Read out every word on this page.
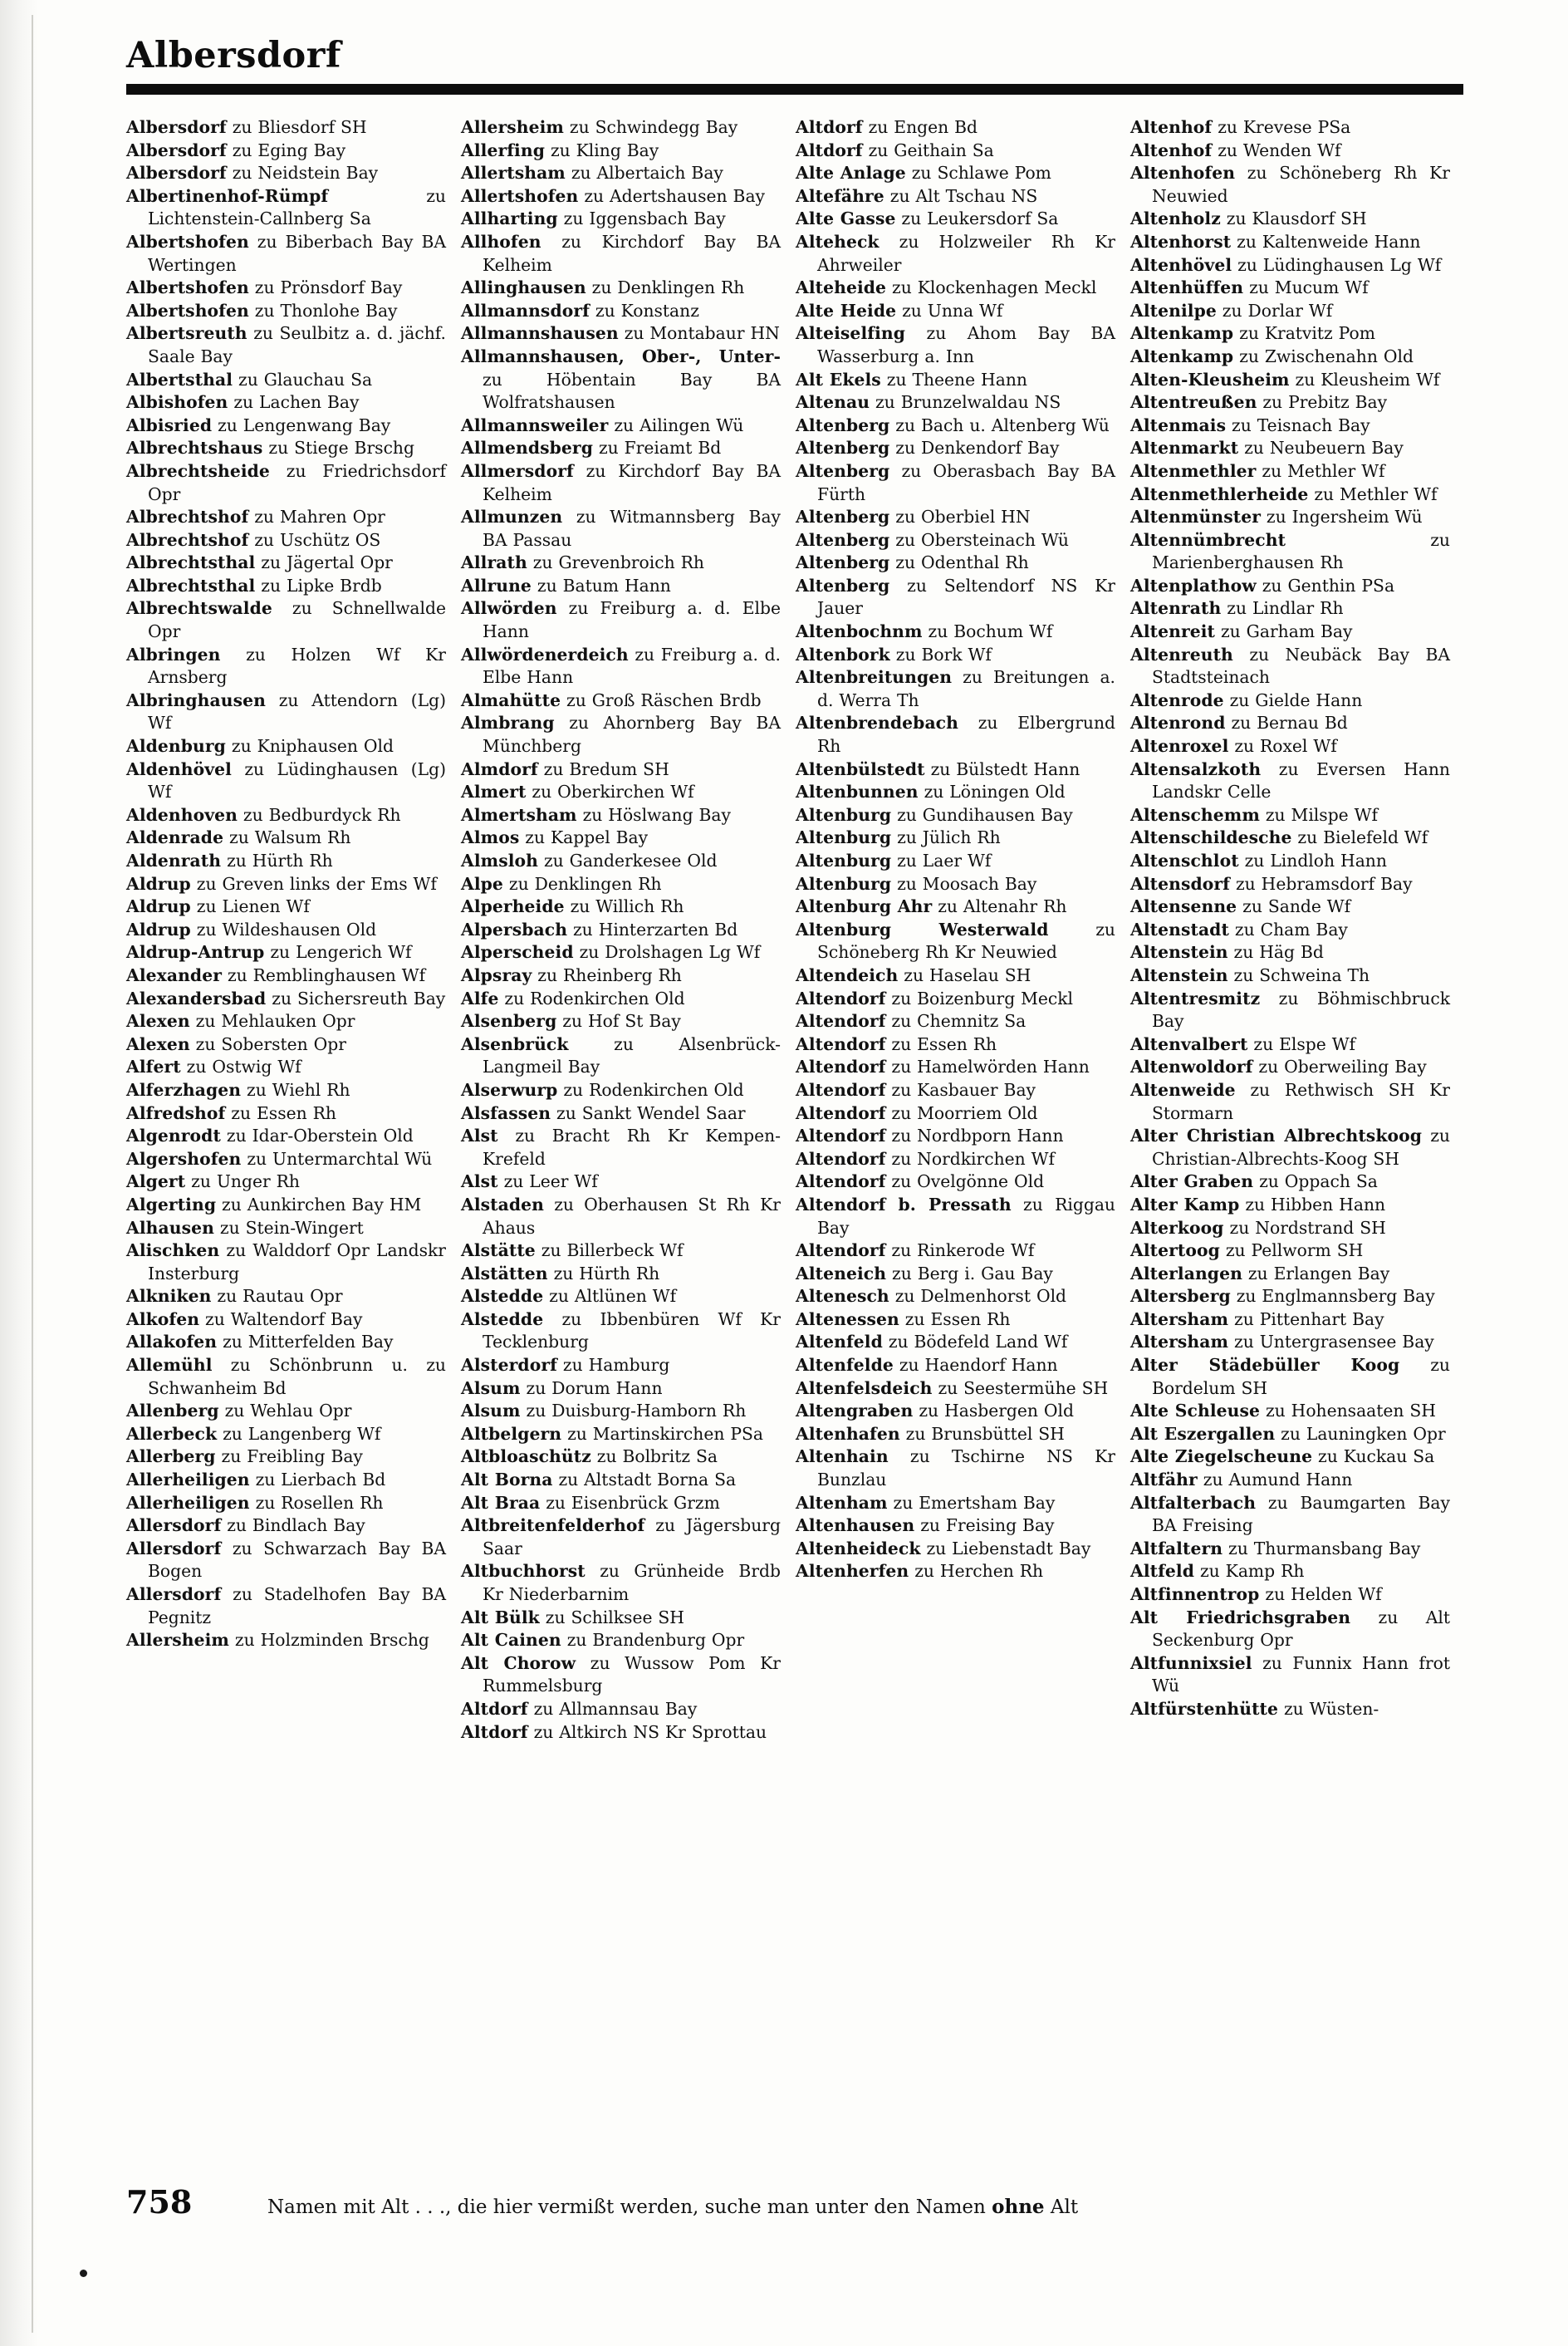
Albersdorf

Albersdorf zu Bliesdorf SH

Albersdorf zu Eging Bay

Albersdorf zu Neidstein Bay

Albertinenhof-Rümpf zu Lichtenstein-Callnberg Sa

Albertshofen zu Biberbach Bay BA Wertingen

Albertshofen zu Prönsdorf Bay

Albertshofen zu Thonlohe Bay

Albertsreuth zu Seulbitz a. d. jächf. Saale Bay

Albertsthal zu Glauchau Sa

Albishofen zu Lachen Bay

Albisried zu Lengenwang Bay

Albrechtshaus zu Stiege Brschg

Albrechtsheide zu Friedrichsdorf Opr

Albrechtshof zu Mahren Opr

Albrechtshof zu Uschütz OS

Albrechtsthal zu Jägertal Opr

Albrechtsthal zu Lipke Brdb

Albrechtswalde zu Schnellwalde Opr

Albringen zu Holzen Wf Kr Arnsberg

Albringhausen zu Attendorn (Lg) Wf

Aldenburg zu Kniphausen Old

Aldenhövel zu Lüdinghausen (Lg) Wf

Aldenhoven zu Bedburdyck Rh

Aldenrade zu Walsum Rh

Aldenrath zu Hürth Rh

Aldrup zu Greven links der Ems Wf

Aldrup zu Lienen Wf

Aldrup zu Wildeshausen Old

Aldrup-Antrup zu Lengerich Wf

Alexander zu Remblinghausen Wf

Alexandersbad zu Sichersreuth Bay

Alexen zu Mehlauken Opr

Alexen zu Sobersten Opr

Alfert zu Ostwig Wf

Alferzhagen zu Wiehl Rh

Alfredshof zu Essen Rh

Algenrodt zu Idar-Oberstein Old

Algershofen zu Untermarchtal Wü

Algert zu Unger Rh

Algerting zu Aunkirchen Bay HM

Alhausen zu Stein-Wingert

Alischken zu Walddorf Opr Landskr Insterburg

Alkniken zu Rautau Opr

Alkofen zu Waltendorf Bay

Allakofen zu Mitterfelden Bay

Allemühl zu Schönbrunn u. zu Schwanheim Bd

Allenberg zu Wehlau Opr

Allerbeck zu Langenberg Wf

Allerberg zu Freibling Bay

Allerheiligen zu Lierbach Bd

Allerheiligen zu Rosellen Rh

Allersdorf zu Bindlach Bay

Allersdorf zu Schwarzach Bay BA Bogen

Allersdorf zu Stadelhofen Bay BA Pegnitz

Allersheim zu Holzminden Brschg

Allersheim zu Schwindegg Bay

Allerfing zu Kling Bay

Allertsham zu Albertaich Bay

Allertshofen zu Adertshausen Bay

Allharting zu Iggensbach Bay

Allhofen zu Kirchdorf Bay BA Kelheim

Allinghausen zu Denklingen Rh

Allmannsdorf zu Konstanz

Allmannshausen zu Montabaur HN

Allmannshausen, Ober-, Unter- zu Höbentain Bay BA Wolfratshausen

Allmannsweiler zu Ailingen Wü

Allmendsberg zu Freiamt Bd

Allmersdorf zu Kirchdorf Bay BA Kelheim

Allmunzen zu Witmannsberg Bay BA Passau

Allrath zu Grevenbroich Rh

Allrune zu Batum Hann

Allwörden zu Freiburg a. d. Elbe Hann

Allwördenerdeich zu Freiburg a. d. Elbe Hann

Almahütte zu Groß Räschen Brdb

Almbrang zu Ahornberg Bay BA Münchberg

Almdorf zu Bredum SH

Almert zu Oberkirchen Wf

Almertsham zu Höslwang Bay

Almos zu Kappel Bay

Almsloh zu Ganderkesee Old

Alpe zu Denklingen Rh

Alperheide zu Willich Rh

Alpersbach zu Hinterzarten Bd

Alperscheid zu Drolshagen Lg Wf

Alpsray zu Rheinberg Rh

Alfe zu Rodenkirchen Old

Alsenberg zu Hof St Bay

Alsenbrück zu Alsenbrück-Langmeil Bay

Alserwurp zu Rodenkirchen Old

Alsfassen zu Sankt Wendel Saar

Alst zu Bracht Rh Kr Kempen-Krefeld

Alst zu Leer Wf

Alstaden zu Oberhausen St Rh Kr Ahaus

Alstätte zu Billerbeck Wf

Alstätten zu Hürth Rh

Alstedde zu Altlünen Wf

Alstedde zu Ibbenbüren Wf Kr Tecklenburg

Alsterdorf zu Hamburg

Alsum zu Dorum Hann

Alsum zu Duisburg-Hamborn Rh

Altbelgern zu Martinskirchen PSa

Altbloaschütz zu Bolbritz Sa

Alt Borna zu Altstadt Borna Sa

Alt Braa zu Eisenbrück Grzm

Altbreitenfelderhof zu Jägersburg Saar

Altbuchhorst zu Grünheide Brdb Kr Niederbarnim

Alt Bülk zu Schilksee SH

Alt Cainen zu Brandenburg Opr

Alt Chorow zu Wussow Pom Kr Rummelsburg

Altdorf zu Allmannsau Bay

Altdorf zu Altkirch NS Kr Sprottau

Altdorf zu Engen Bd

Altdorf zu Geithain Sa

Alte Anlage zu Schlawe Pom

Altefähre zu Alt Tschau NS

Alte Gasse zu Leukersdorf Sa

Alteheck zu Holzweiler Rh Kr Ahrweiler

Alteheide zu Klockenhagen Meckl

Alte Heide zu Unna Wf

Alteiselfing zu Ahom Bay BA Wasserburg a. Inn

Alt Ekels zu Theene Hann

Altenau zu Brunzelwaldau NS

Altenberg zu Bach u. Altenberg Wü

Altenberg zu Denkendorf Bay

Altenberg zu Oberasbach Bay BA Fürth

Altenberg zu Oberbiel HN

Altenberg zu Obersteinach Wü

Altenberg zu Odenthal Rh

Altenberg zu Seltendorf NS Kr Jauer

Altenbochnm zu Bochum Wf

Altenbork zu Bork Wf

Altenbreitungen zu Breitungen a. d. Werra Th

Altenbrendebach zu Elbergrund Rh

Altenbülstedt zu Bülstedt Hann

Altenbunnen zu Löningen Old

Altenburg zu Gundihausen Bay

Altenburg zu Jülich Rh

Altenburg zu Laer Wf

Altenburg zu Moosach Bay

Altenburg Ahr zu Altenahr Rh

Altenburg Westerwald zu Schöneberg Rh Kr Neuwied

Altendeich zu Haselau SH

Altendorf zu Boizenburg Meckl

Altendorf zu Chemnitz Sa

Altendorf zu Essen Rh

Altendorf zu Hamelwörden Hann

Altendorf zu Kasbauer Bay

Altendorf zu Moorriem Old

Altendorf zu Nordbporn Hann

Altendorf zu Nordkirchen Wf

Altendorf zu Ovelgönne Old

Altendorf b. Pressath zu Riggau Bay

Altendorf zu Rinkerode Wf

Alteneich zu Berg i. Gau Bay

Altenesch zu Delmenhorst Old

Altenessen zu Essen Rh

Altenfeld zu Bödefeld Land Wf

Altenfelde zu Haendorf Hann

Altenfelsdeich zu Seestermühe SH

Altengraben zu Hasbergen Old

Altenhafen zu Brunsbüttel SH

Altenhain zu Tschirne NS Kr Bunzlau

Altenham zu Emertsham Bay

Altenhausen zu Freising Bay

Altenheideck zu Liebenstadt Bay

Altenherfen zu Herchen Rh

Altenhof zu Krevese PSa

Altenhof zu Wenden Wf

Altenhofen zu Schöneberg Rh Kr Neuwied

Altenholz zu Klausdorf SH

Altenhorst zu Kaltenweide Hann

Altenhövel zu Lüdinghausen Lg Wf

Altenhüffen zu Mucum Wf

Altenilpe zu Dorlar Wf

Altenkamp zu Kratvitz Pom

Altenkamp zu Zwischenahn Old

Alten-Kleusheim zu Kleusheim Wf

Altentreußen zu Prebitz Bay

Altenmais zu Teisnach Bay

Altenmarkt zu Neubeuern Bay

Altenmethler zu Methler Wf

Altenmethlerheide zu Methler Wf

Altenmünster zu Ingersheim Wü

Altennümbrecht zu Marienberghausen Rh

Altenplathow zu Genthin PSa

Altenrath zu Lindlar Rh

Altenreit zu Garham Bay

Altenreuth zu Neubäck Bay BA Stadtsteinach

Altenrode zu Gielde Hann

Altenrond zu Bernau Bd

Altenroxel zu Roxel Wf

Altensalzkoth zu Eversen Hann Landskr Celle

Altenschemm zu Milspe Wf

Altenschildesche zu Bielefeld Wf

Altenschlot zu Lindloh Hann

Altensdorf zu Hebramsdorf Bay

Altensenne zu Sande Wf

Altenstadt zu Cham Bay

Altenstein zu Häg Bd

Altenstein zu Schweina Th

Altentresmitz zu Böhmischbruck Bay

Altenvalbert zu Elspe Wf

Altenwoldorf zu Oberweiling Bay

Altenweide zu Rethwisch SH Kr Stormarn

Alter Christian Albrechtskoog zu Christian-Albrechts-Koog SH

Alter Graben zu Oppach Sa

Alter Kamp zu Hibben Hann

Alterkoog zu Nordstrand SH

Altertoog zu Pellworm SH

Alterlangen zu Erlangen Bay

Altersberg zu Englmannsberg Bay

Altersham zu Pittenhart Bay

Altersham zu Untergrasensee Bay

Alter Städebüller Koog zu Bordelum SH

Alte Schleuse zu Hohensaaten SH

Alt Eszergallen zu Launingken Opr

Alte Ziegelscheune zu Kuckau Sa

Altfähr zu Aumund Hann

Altfalterbach zu Baumgarten Bay BA Freising

Altfaltern zu Thurmansbang Bay

Altfeld zu Kamp Rh

Altfinnentrop zu Helden Wf

Alt Friedrichsgraben zu Alt Seckenburg Opr

Altfunnixsiel zu Funnix Hann frot Wü

Altfürstenhütte zu Wüsten-

758	Namen mit Alt . . ., die hier vermißt werden, suche man unter den Namen ohne Alt
